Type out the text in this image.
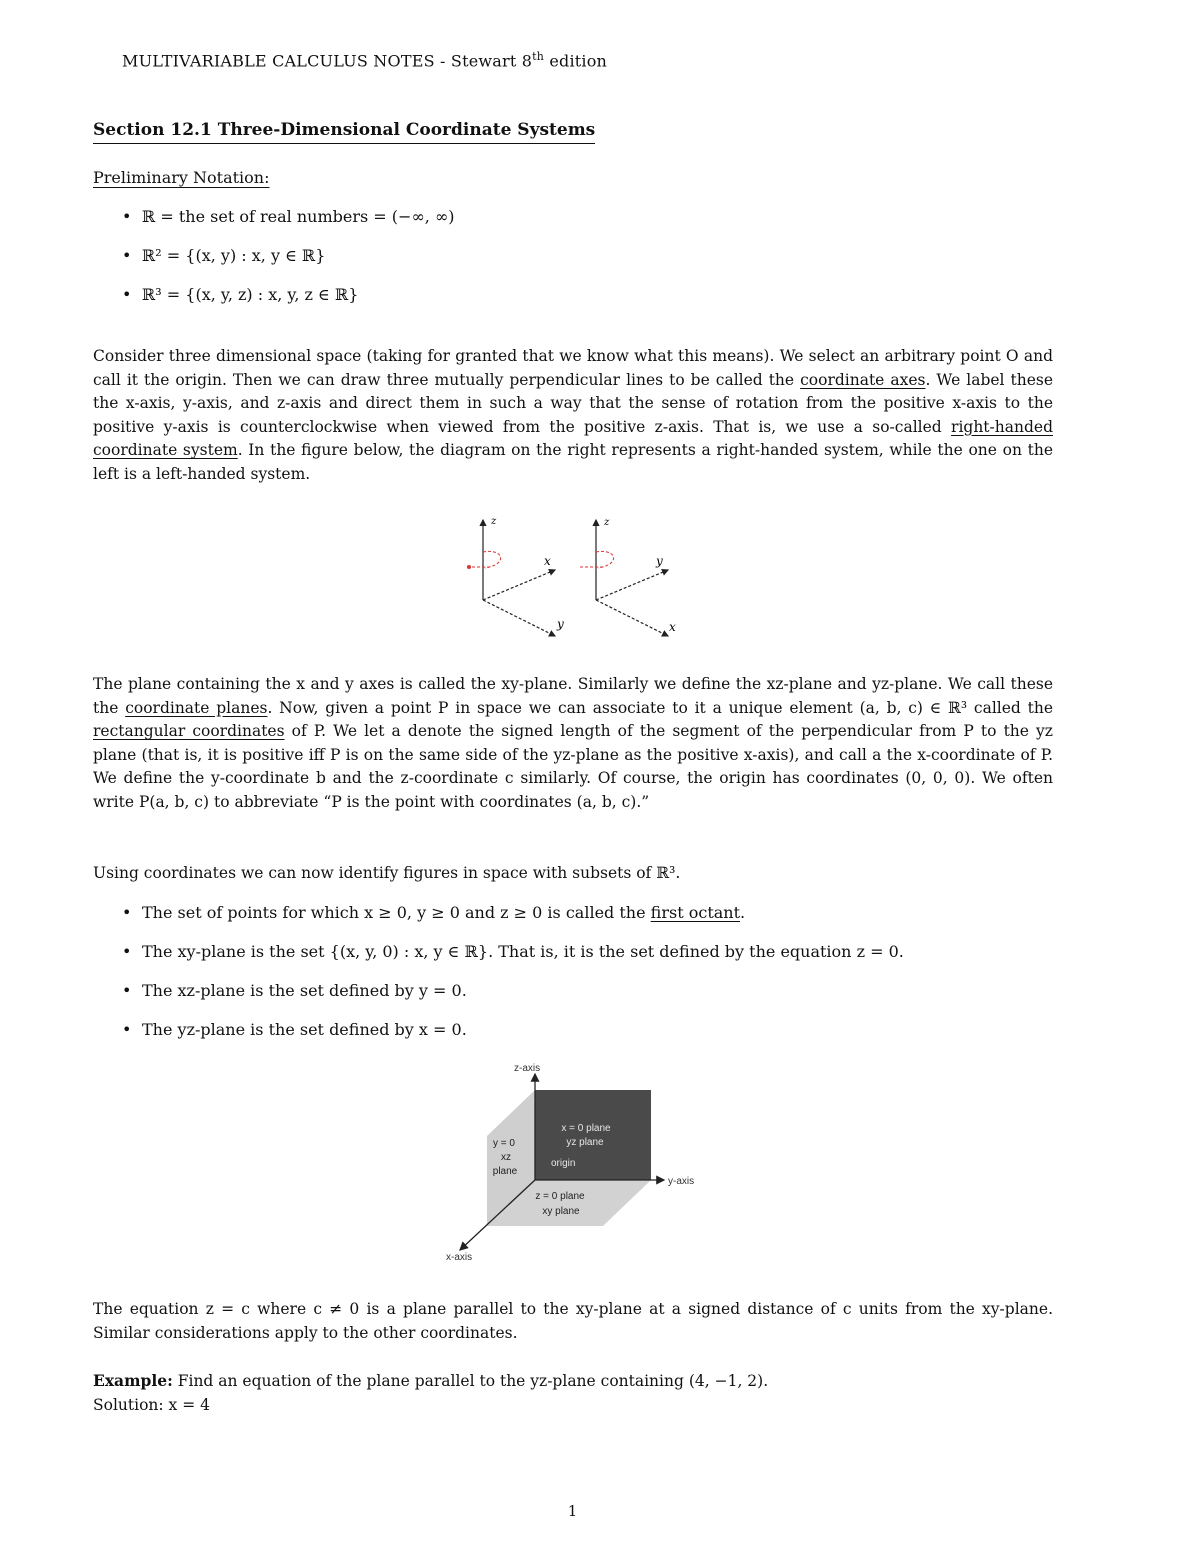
MULTIVARIABLE CALCULUS NOTES - Stewart 8th edition
Section 12.1 Three-Dimensional Coordinate Systems
Preliminary Notation:
• ℝ = the set of real numbers = (−∞, ∞)
• ℝ² = {(x, y) : x, y ∈ ℝ}
• ℝ³ = {(x, y, z) : x, y, z ∈ ℝ}

Consider three dimensional space (taking for granted that we know what this means). We select an arbitrary point O and call it the origin. Then we can draw three mutually perpendicular lines to be called the coordinate axes. We label these the x-axis, y-axis, and z-axis and direct them in such a way that the sense of rotation from the positive x-axis to the positive y-axis is counterclockwise when viewed from the positive z-axis. That is, we use a so-called right-handed coordinate system. In the figure below, the diagram on the right represents a right-handed system, while the one on the left is a left-handed system.

z
x
y
z
y
x

The plane containing the x and y axes is called the xy-plane. Similarly we define the xz-plane and yz-plane. We call these the coordinate planes. Now, given a point P in space we can associate to it a unique element (a, b, c) ∈ ℝ³ called the rectangular coordinates of P. We let a denote the signed length of the segment of the perpendicular from P to the yz plane (that is, it is positive iff P is on the same side of the yz-plane as the positive x-axis), and call a the x-coordinate of P. We define the y-coordinate b and the z-coordinate c similarly. Of course, the origin has coordinates (0, 0, 0). We often write P(a, b, c) to abbreviate “P is the point with coordinates (a, b, c).”

Using coordinates we can now identify figures in space with subsets of ℝ³.

• The set of points for which x ≥ 0, y ≥ 0 and z ≥ 0 is called the first octant.
• The xy-plane is the set {(x, y, 0) : x, y ∈ ℝ}. That is, it is the set defined by the equation z = 0.
• The xz-plane is the set defined by y = 0.
• The yz-plane is the set defined by x = 0.
z-axis
y-axis
x-axis
y = 0
xz
plane
x = 0 plane
yz plane
origin
z = 0 plane
xy plane

The equation z = c where c ≠ 0 is a plane parallel to the xy-plane at a signed distance of c units from the xy-plane. Similar considerations apply to the other coordinates.

Example: Find an equation of the plane parallel to the yz-plane containing (4, −1, 2).
Solution: x = 4
1
